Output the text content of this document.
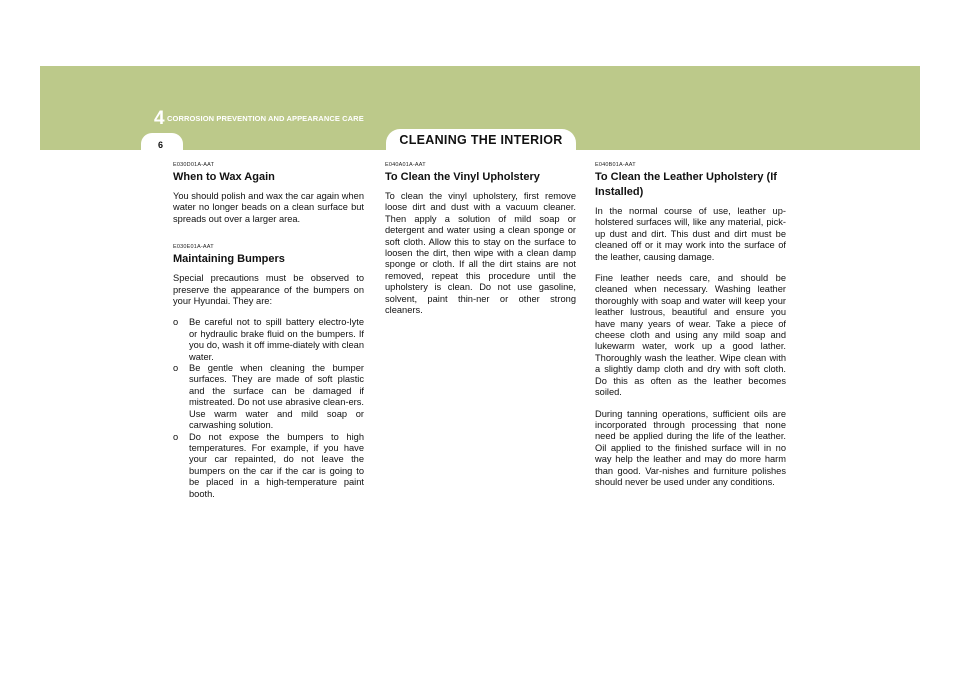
4 CORROSION PREVENTION AND APPEARANCE CARE
6	CLEANING THE INTERIOR
E030D01A-AAT
When to Wax Again
You should polish and wax the car again when water no longer beads on a clean surface but spreads out over a larger area.
E030E01A-AAT
Maintaining Bumpers
Special precautions must be observed to preserve the appearance of the bumpers on your Hyundai. They are:
o Be careful not to spill battery electro-lyte or hydraulic brake fluid on the bumpers. If you do, wash it off imme-diately with clean water.
o Be gentle when cleaning the bumper surfaces. They are made of soft plastic and the surface can be damaged if mistreated. Do not use abrasive clean-ers. Use warm water and mild soap or carwashing solution.
o Do not expose the bumpers to high temperatures. For example, if you have your car repainted, do not leave the bumpers on the car if the car is going to be placed in a high-temperature paint booth.
E040A01A-AAT
To Clean the Vinyl Upholstery
To clean the vinyl upholstery, first remove loose dirt and dust with a vacuum cleaner. Then apply a solution of mild soap or detergent and water using a clean sponge or soft cloth. Allow this to stay on the surface to loosen the dirt, then wipe with a clean damp sponge or cloth. If all the dirt stains are not removed, repeat this procedure until the upholstery is clean. Do not use gasoline, solvent, paint thin-ner or other strong cleaners.
E040B01A-AAT
To Clean the Leather Upholstery (If Installed)
In the normal course of use, leather up-holstered surfaces will, like any material, pick-up dust and dirt. This dust and dirt must be cleaned off or it may work into the surface of the leather, causing damage.
Fine leather needs care, and should be cleaned when necessary. Washing leather thoroughly with soap and water will keep your leather lustrous, beautiful and ensure you have many years of wear. Take a piece of cheese cloth and using any mild soap and lukewarm water, work up a good lather. Thoroughly wash the leather. Wipe clean with a slightly damp cloth and dry with soft cloth. Do this as often as the leather becomes soiled.
During tanning operations, sufficient oils are incorporated through processing that none need be applied during the life of the leather. Oil applied to the finished surface will in no way help the leather and may do more harm than good. Var-nishes and furniture polishes should never be used under any conditions.
